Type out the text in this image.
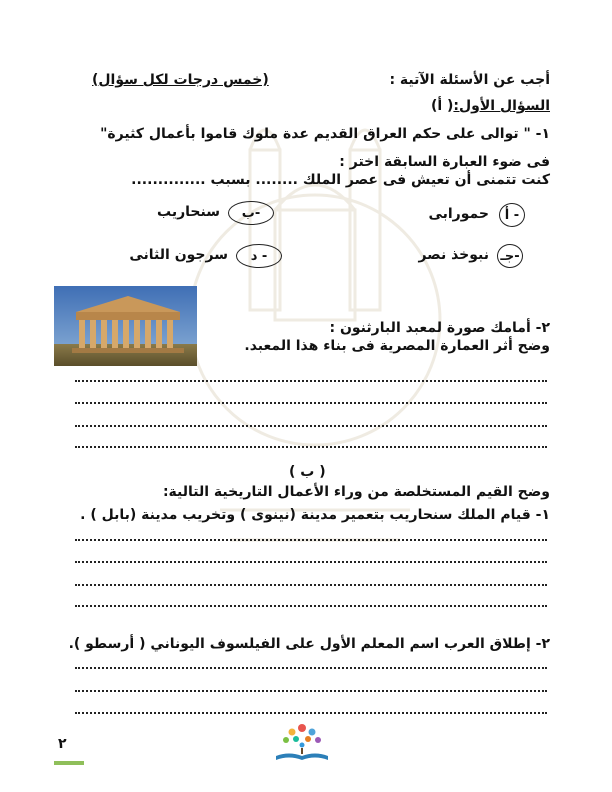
أجب عن الأسئلة الآتية :
(خمس درجات لكل سؤال)
السؤال الأول:( أ)
١- " توالى على حكم العراق القديم عدة ملوك قاموا بأعمال كثيرة"
فى ضوء العبارة السابقة اختر :
كنت تتمنى أن تعيش فى عصر الملك ........ بسبب ..............
أ -
حمورابى
ب-
سنحاريب
جـ-
نبوخذ نصر
د -
سرجون الثانى
٢- أمامك صورة لمعبد البارثنون :
وضح أثر العمارة المصرية فى بناء هذا المعبد.
( ب )
وضح القيم المستخلصة من وراء الأعمال التاريخية التالية:
١- قيام الملك سنحاريب بتعمير مدينة (نينوى ) وتخريب مدينة (بابل ) .
٢- إطلاق العرب اسم المعلم الأول على الفيلسوف اليوناني ( أرسطو ).
٢
